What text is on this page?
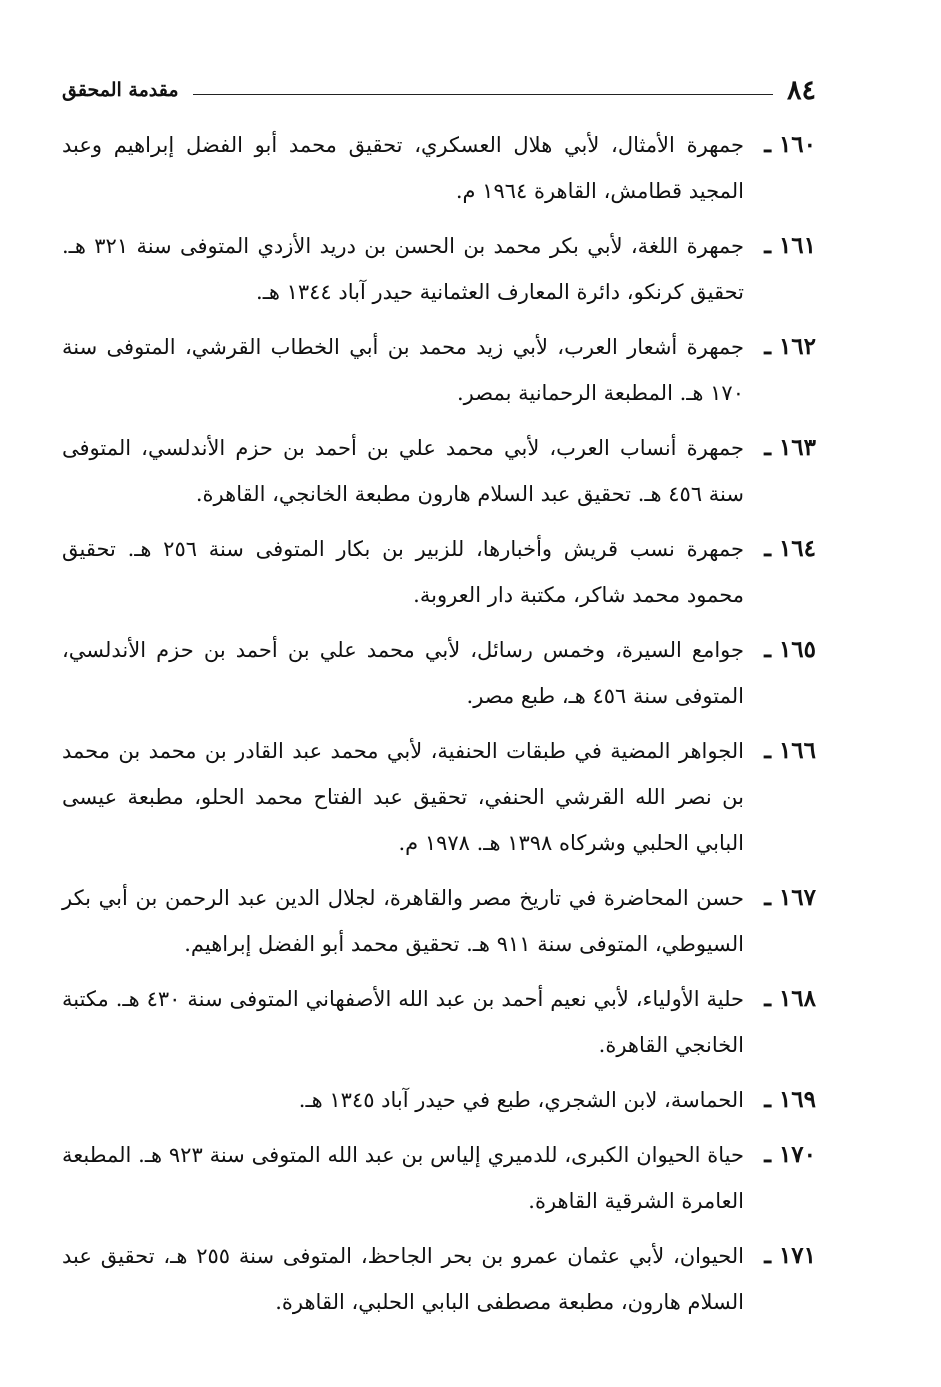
٨٤
مقدمة المحقق
١٦٠ ـ
جمهرة الأمثال، لأبي هلال العسكري، تحقيق محمد أبو الفضل إبراهيم وعبد المجيد قطامش، القاهرة ١٩٦٤ م.
١٦١ ـ
جمهرة اللغة، لأبي بكر محمد بن الحسن بن دريد الأزدي المتوفى سنة ٣٢١ هـ. تحقيق كرنكو، دائرة المعارف العثمانية حيدر آباد ١٣٤٤ هـ.
١٦٢ ـ
جمهرة أشعار العرب، لأبي زيد محمد بن أبي الخطاب القرشي، المتوفى سنة ١٧٠ هـ. المطبعة الرحمانية بمصر.
١٦٣ ـ
جمهرة أنساب العرب، لأبي محمد علي بن أحمد بن حزم الأندلسي، المتوفى سنة ٤٥٦ هـ. تحقيق عبد السلام هارون مطبعة الخانجي، القاهرة.
١٦٤ ـ
جمهرة نسب قريش وأخبارها، للزبير بن بكار المتوفى سنة ٢٥٦ هـ. تحقيق محمود محمد شاكر، مكتبة دار العروبة.
١٦٥ ـ
جوامع السيرة، وخمس رسائل، لأبي محمد علي بن أحمد بن حزم الأندلسي، المتوفى سنة ٤٥٦ هـ، طبع مصر.
١٦٦ ـ
الجواهر المضية في طبقات الحنفية، لأبي محمد عبد القادر بن محمد بن محمد بن نصر الله القرشي الحنفي، تحقيق عبد الفتاح محمد الحلو، مطبعة عيسى البابي الحلبي وشركاه ١٣٩٨ هـ. ١٩٧٨ م.
١٦٧ ـ
حسن المحاضرة في تاريخ مصر والقاهرة، لجلال الدين عبد الرحمن بن أبي بكر السيوطي، المتوفى سنة ٩١١ هـ. تحقيق محمد أبو الفضل إبراهيم.
١٦٨ ـ
حلية الأولياء، لأبي نعيم أحمد بن عبد الله الأصفهاني المتوفى سنة ٤٣٠ هـ. مكتبة الخانجي القاهرة.
١٦٩ ـ
الحماسة، لابن الشجري، طبع في حيدر آباد ١٣٤٥ هـ.
١٧٠ ـ
حياة الحيوان الكبرى، للدميري إلياس بن عبد الله المتوفى سنة ٩٢٣ هـ. المطبعة العامرة الشرقية القاهرة.
١٧١ ـ
الحيوان، لأبي عثمان عمرو بن بحر الجاحظ، المتوفى سنة ٢٥٥ هـ، تحقيق عبد السلام هارون، مطبعة مصطفى البابي الحلبي، القاهرة.
